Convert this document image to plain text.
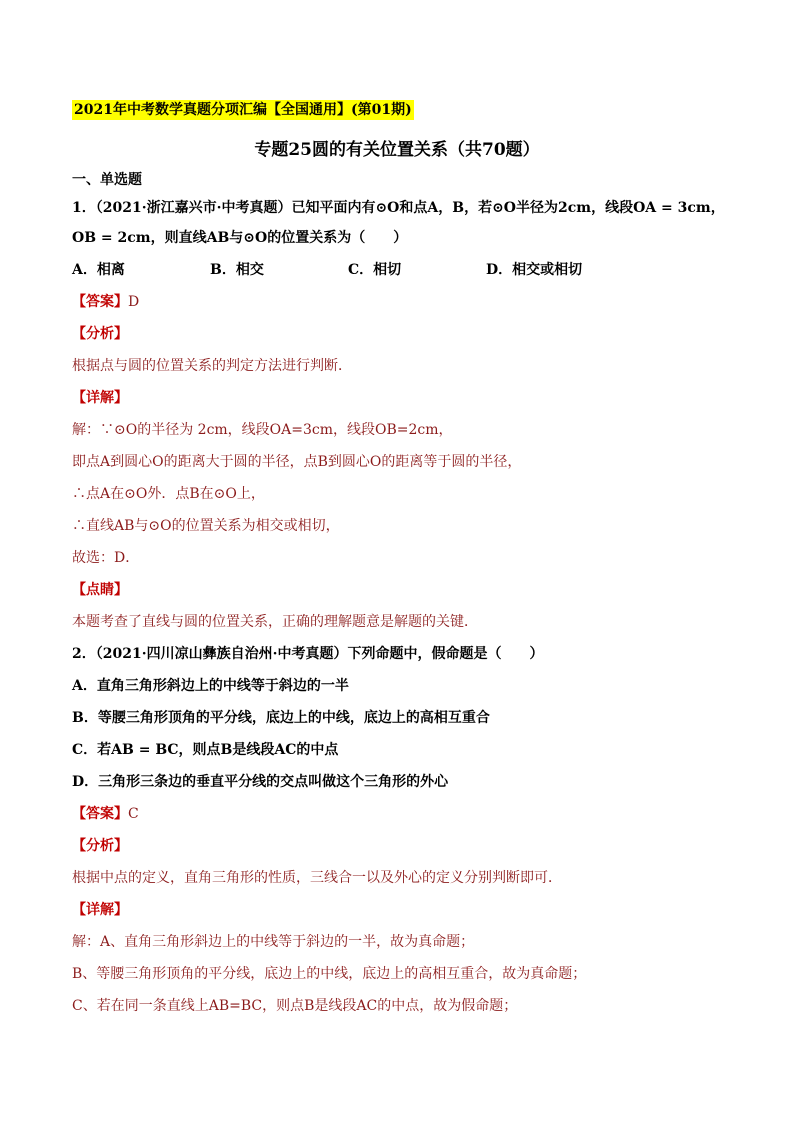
2021年中考数学真题分项汇编【全国通用】(第01期)
专题25圆的有关位置关系（共70题）
一、单选题
1．（2021·浙江嘉兴市·中考真题）已知平面内有⊙O和点A，B，若⊙O半径为2cm，线段OA = 3cm，
OB = 2cm，则直线AB与⊙O的位置关系为（　　）
A．相离	B．相交	C．相切	D．相交或相切
【答案】D
【分析】
根据点与圆的位置关系的判定方法进行判断．
【详解】
解：∵⊙O的半径为 2cm，线段OA=3cm，线段OB=2cm，
即点A到圆心O的距离大于圆的半径，点B到圆心O的距离等于圆的半径，
∴点A在⊙O外．点B在⊙O上，
∴直线AB与⊙O的位置关系为相交或相切，
故选：D．
【点睛】
本题考查了直线与圆的位置关系，正确的理解题意是解题的关键．
2．（2021·四川凉山彝族自治州·中考真题）下列命题中，假命题是（　　）
A．直角三角形斜边上的中线等于斜边的一半
B．等腰三角形顶角的平分线，底边上的中线，底边上的高相互重合
C．若AB = BC，则点B是线段AC的中点
D．三角形三条边的垂直平分线的交点叫做这个三角形的外心
【答案】C
【分析】
根据中点的定义，直角三角形的性质，三线合一以及外心的定义分别判断即可．
【详解】
解：A、直角三角形斜边上的中线等于斜边的一半，故为真命题；
B、等腰三角形顶角的平分线，底边上的中线，底边上的高相互重合，故为真命题；
C、若在同一条直线上AB=BC，则点B是线段AC的中点，故为假命题；
